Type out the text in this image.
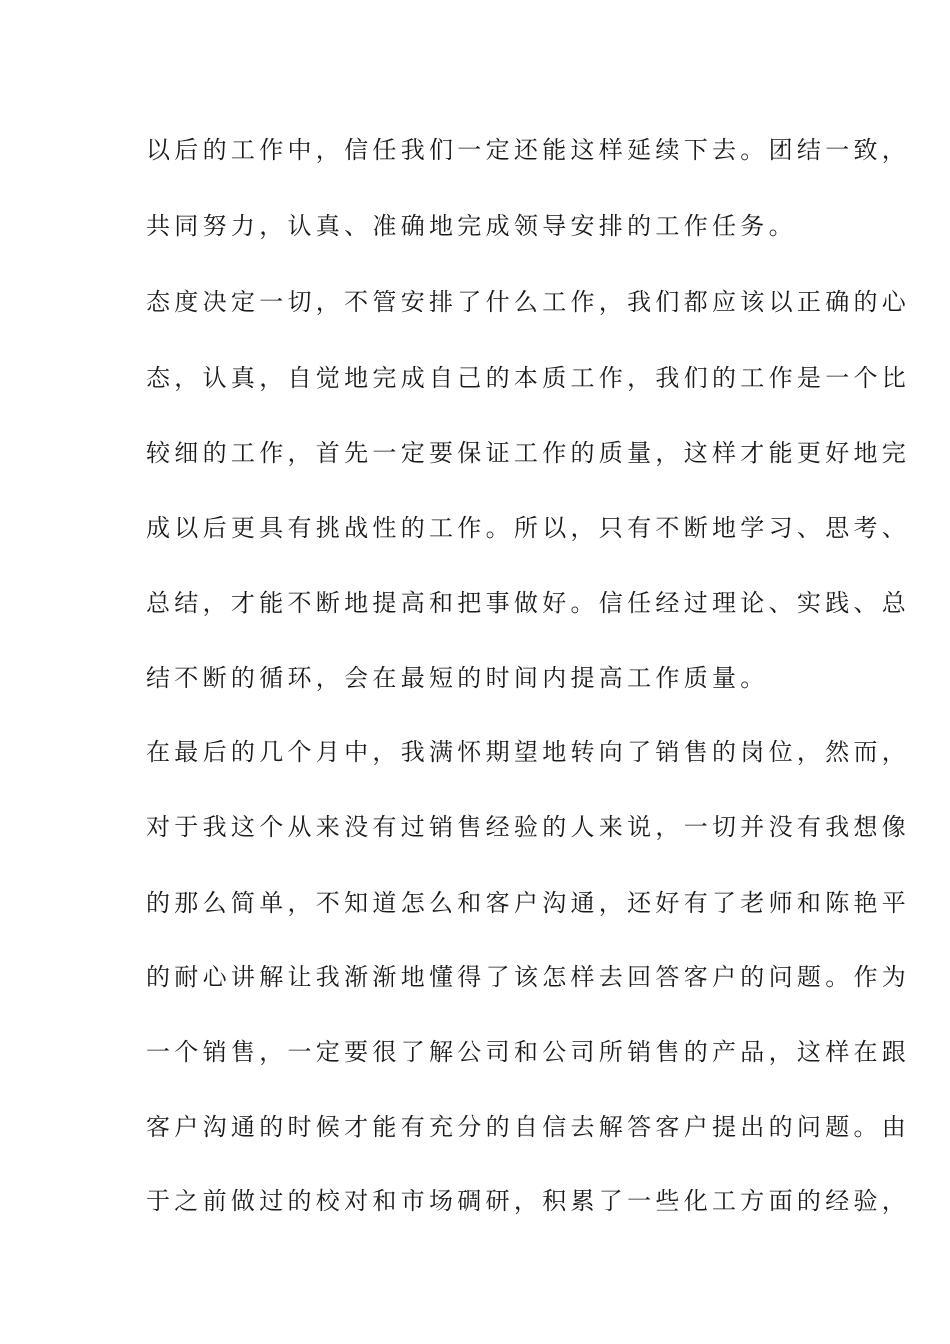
以后的工作中，信任我们一定还能这样延续下去。团结一致，
共同努力，认真、准确地完成领导安排的工作任务。
态度决定一切，不管安排了什么工作，我们都应该以正确的心
态，认真，自觉地完成自己的本质工作，我们的工作是一个比
较细的工作，首先一定要保证工作的质量，这样才能更好地完
成以后更具有挑战性的工作。所以，只有不断地学习、思考、
总结，才能不断地提高和把事做好。信任经过理论、实践、总
结不断的循环，会在最短的时间内提高工作质量。
在最后的几个月中，我满怀期望地转向了销售的岗位，然而，
对于我这个从来没有过销售经验的人来说，一切并没有我想像
的那么简单，不知道怎么和客户沟通，还好有了老师和陈艳平
的耐心讲解让我渐渐地懂得了该怎样去回答客户的问题。作为
一个销售，一定要很了解公司和公司所销售的产品，这样在跟
客户沟通的时候才能有充分的自信去解答客户提出的问题。由
于之前做过的校对和市场碉研，积累了一些化工方面的经验，
